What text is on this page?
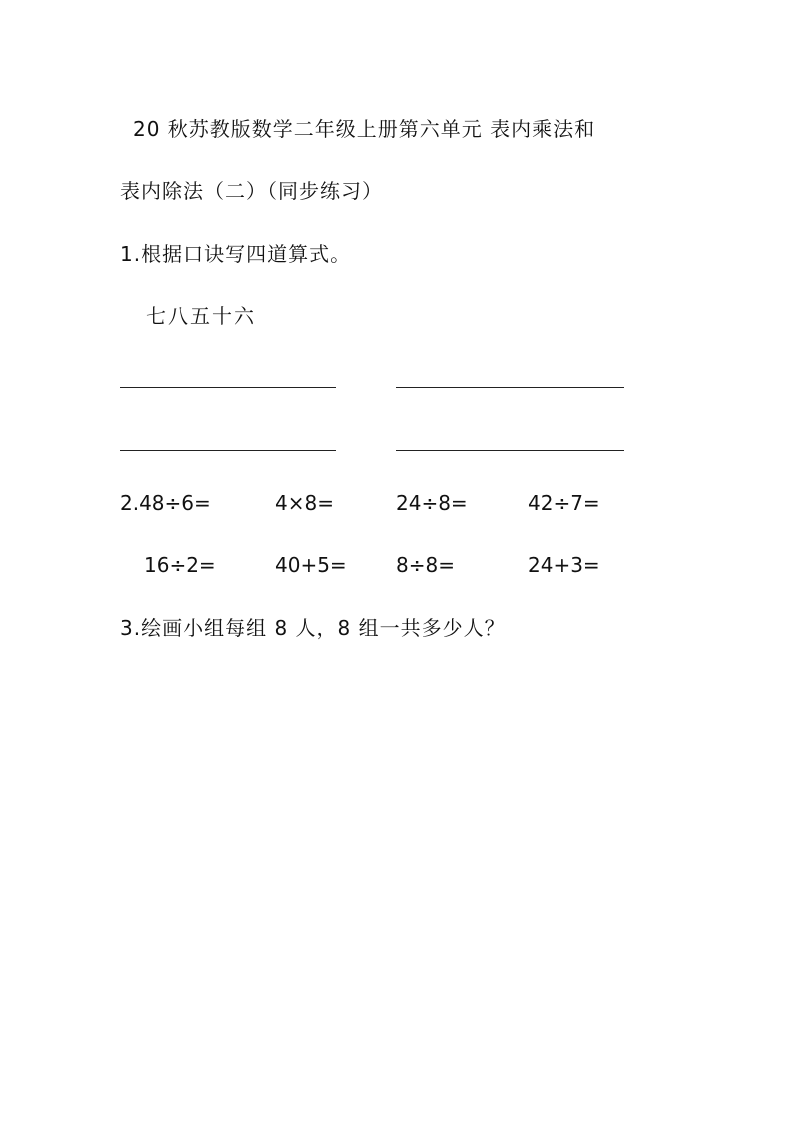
20 秋苏教版数学二年级上册第六单元 表内乘法和
表内除法（二）（同步练习）
1.根据口诀写四道算式。
七八五十六
2.48÷6=	4×8=	24÷8=	42÷7=
16÷2=	40+5= 8÷8=	24+3=
3.绘画小组每组 8 人，8 组一共多少人？
